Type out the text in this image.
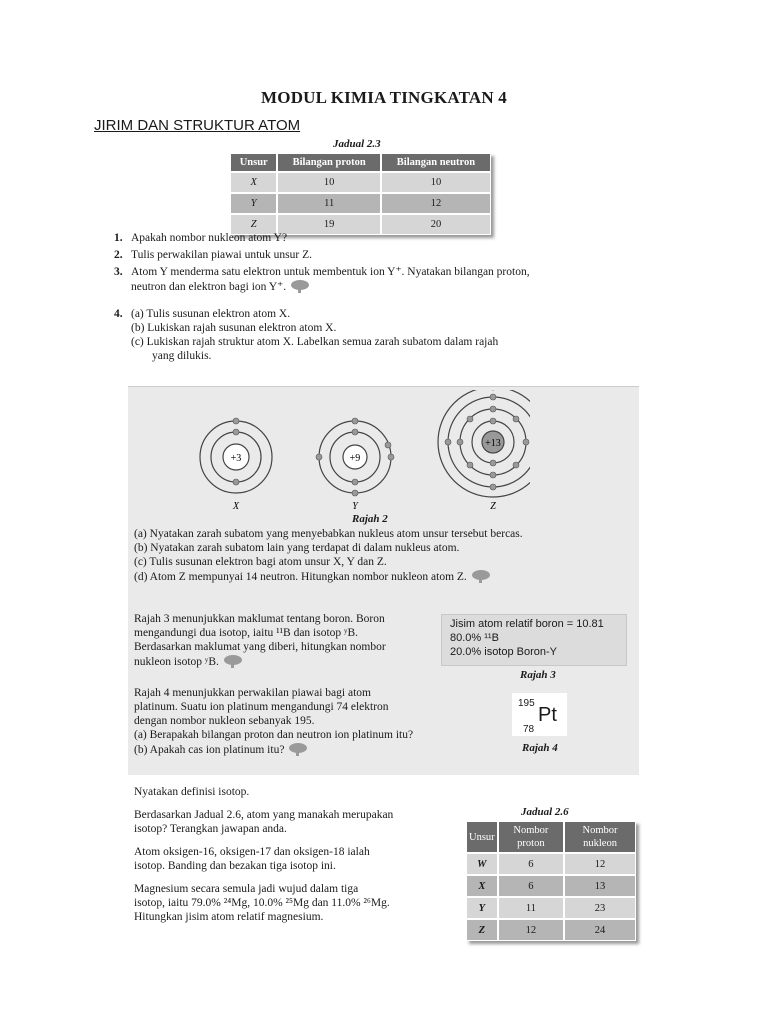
MODUL KIMIA TINGKATAN 4
JIRIM DAN STRUKTUR ATOM
Jadual 2.3
Unsur	Bilangan proton	Bilangan neutron
X	10	10
Y	11	12
Z	19	20
1. Apakah nombor nukleon atom Y?
2. Tulis perwakilan piawai untuk unsur Z.
3. Atom Y menderma satu elektron untuk membentuk ion Y⁺. Nyatakan bilangan proton,
neutron dan elektron bagi ion Y⁺.
4. (a) Tulis susunan elektron atom X.
(b) Lukiskan rajah susunan elektron atom X.
(c) Lukiskan rajah struktur atom X. Labelkan semua zarah subatom dalam rajah
yang dilukis.
+3	+9
+13
X	Y	Z
Rajah 2
(a) Nyatakan zarah subatom yang menyebabkan nukleus atom unsur tersebut bercas.
(b) Nyatakan zarah subatom lain yang terdapat di dalam nukleus atom.
(c) Tulis susunan elektron bagi atom unsur X, Y dan Z.
(d) Atom Z mempunyai 14 neutron. Hitungkan nombor nukleon atom Z.
Rajah 3 menunjukkan maklumat tentang boron. Boron
mengandungi dua isotop, iaitu ¹¹B dan isotop ʸB.
Berdasarkan maklumat yang diberi, hitungkan nombor
nukleon isotop ʸB.
Jisim atom relatif boron = 10.81
80.0% ¹¹B
20.0% isotop Boron-Y
Rajah 3
Rajah 4 menunjukkan perwakilan piawai bagi atom
platinum. Suatu ion platinum mengandungi 74 elektron
dengan nombor nukleon sebanyak 195.
(a) Berapakah bilangan proton dan neutron ion platinum itu?
(b) Apakah cas ion platinum itu?
195
Pt
78
Rajah 4
Nyatakan definisi isotop.
Berdasarkan Jadual 2.6, atom yang manakah merupakan
isotop? Terangkan jawapan anda.
Atom oksigen-16, oksigen-17 dan oksigen-18 ialah
isotop. Banding dan bezakan tiga isotop ini.
Magnesium secara semula jadi wujud dalam tiga
isotop, iaitu 79.0% ²⁴Mg, 10.0% ²⁵Mg dan 11.0% ²⁶Mg.
Hitungkan jisim atom relatif magnesium.
Jadual 2.6
Unsur	Nombor proton	Nombor nukleon
W	6	12
X	6	13
Y	11	23
Z	12	24
